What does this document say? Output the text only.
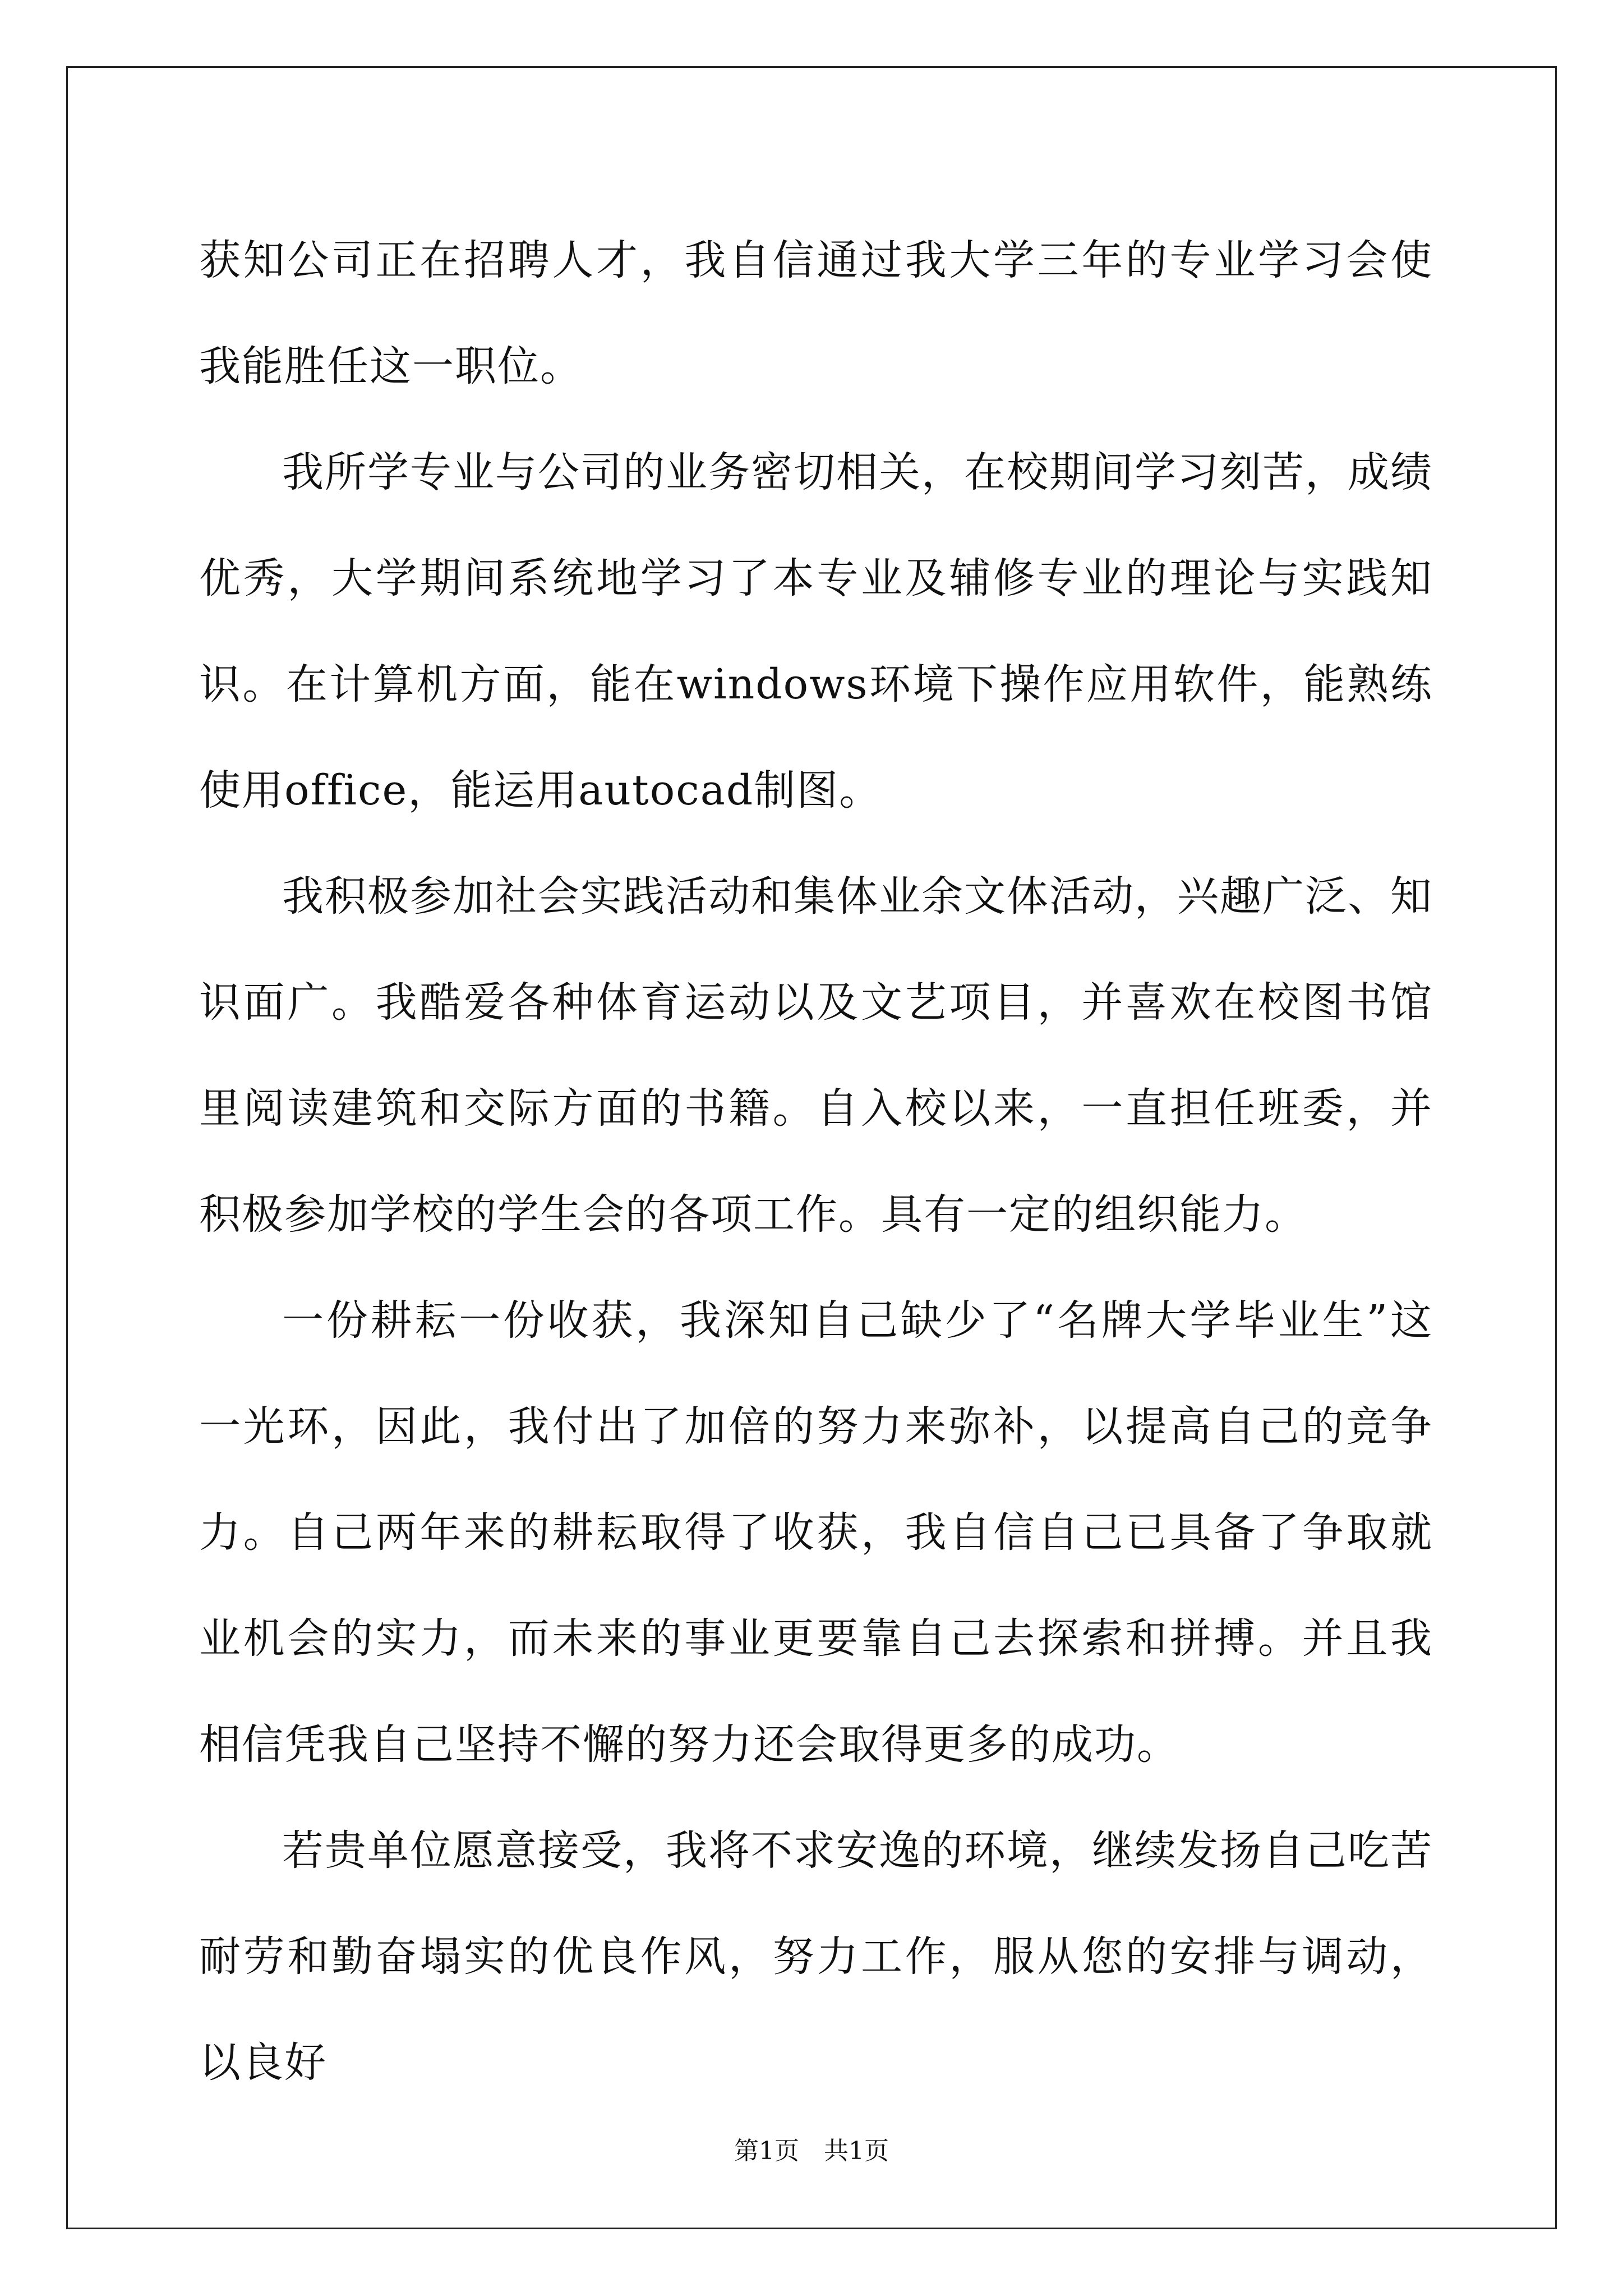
获知公司正在招聘人才，我自信通过我大学三年的专业学习会使我能胜任这一职位。

我所学专业与公司的业务密切相关，在校期间学习刻苦，成绩优秀，大学期间系统地学习了本专业及辅修专业的理论与实践知识。在计算机方面，能在windows环境下操作应用软件，能熟练使用office，能运用autocad制图。

我积极参加社会实践活动和集体业余文体活动，兴趣广泛、知识面广。我酷爱各种体育运动以及文艺项目，并喜欢在校图书馆里阅读建筑和交际方面的书籍。自入校以来，一直担任班委，并积极参加学校的学生会的各项工作。具有一定的组织能力。

一份耕耘一份收获，我深知自己缺少了“名牌大学毕业生”这一光环，因此，我付出了加倍的努力来弥补，以提高自己的竞争力。自己两年来的耕耘取得了收获，我自信自己已具备了争取就业机会的实力，而未来的事业更要靠自己去探索和拼搏。并且我相信凭我自己坚持不懈的努力还会取得更多的成功。

若贵单位愿意接受，我将不求安逸的环境，继续发扬自己吃苦耐劳和勤奋塌实的优良作风，努力工作，服从您的安排与调动，以良好

第1页　共1页
